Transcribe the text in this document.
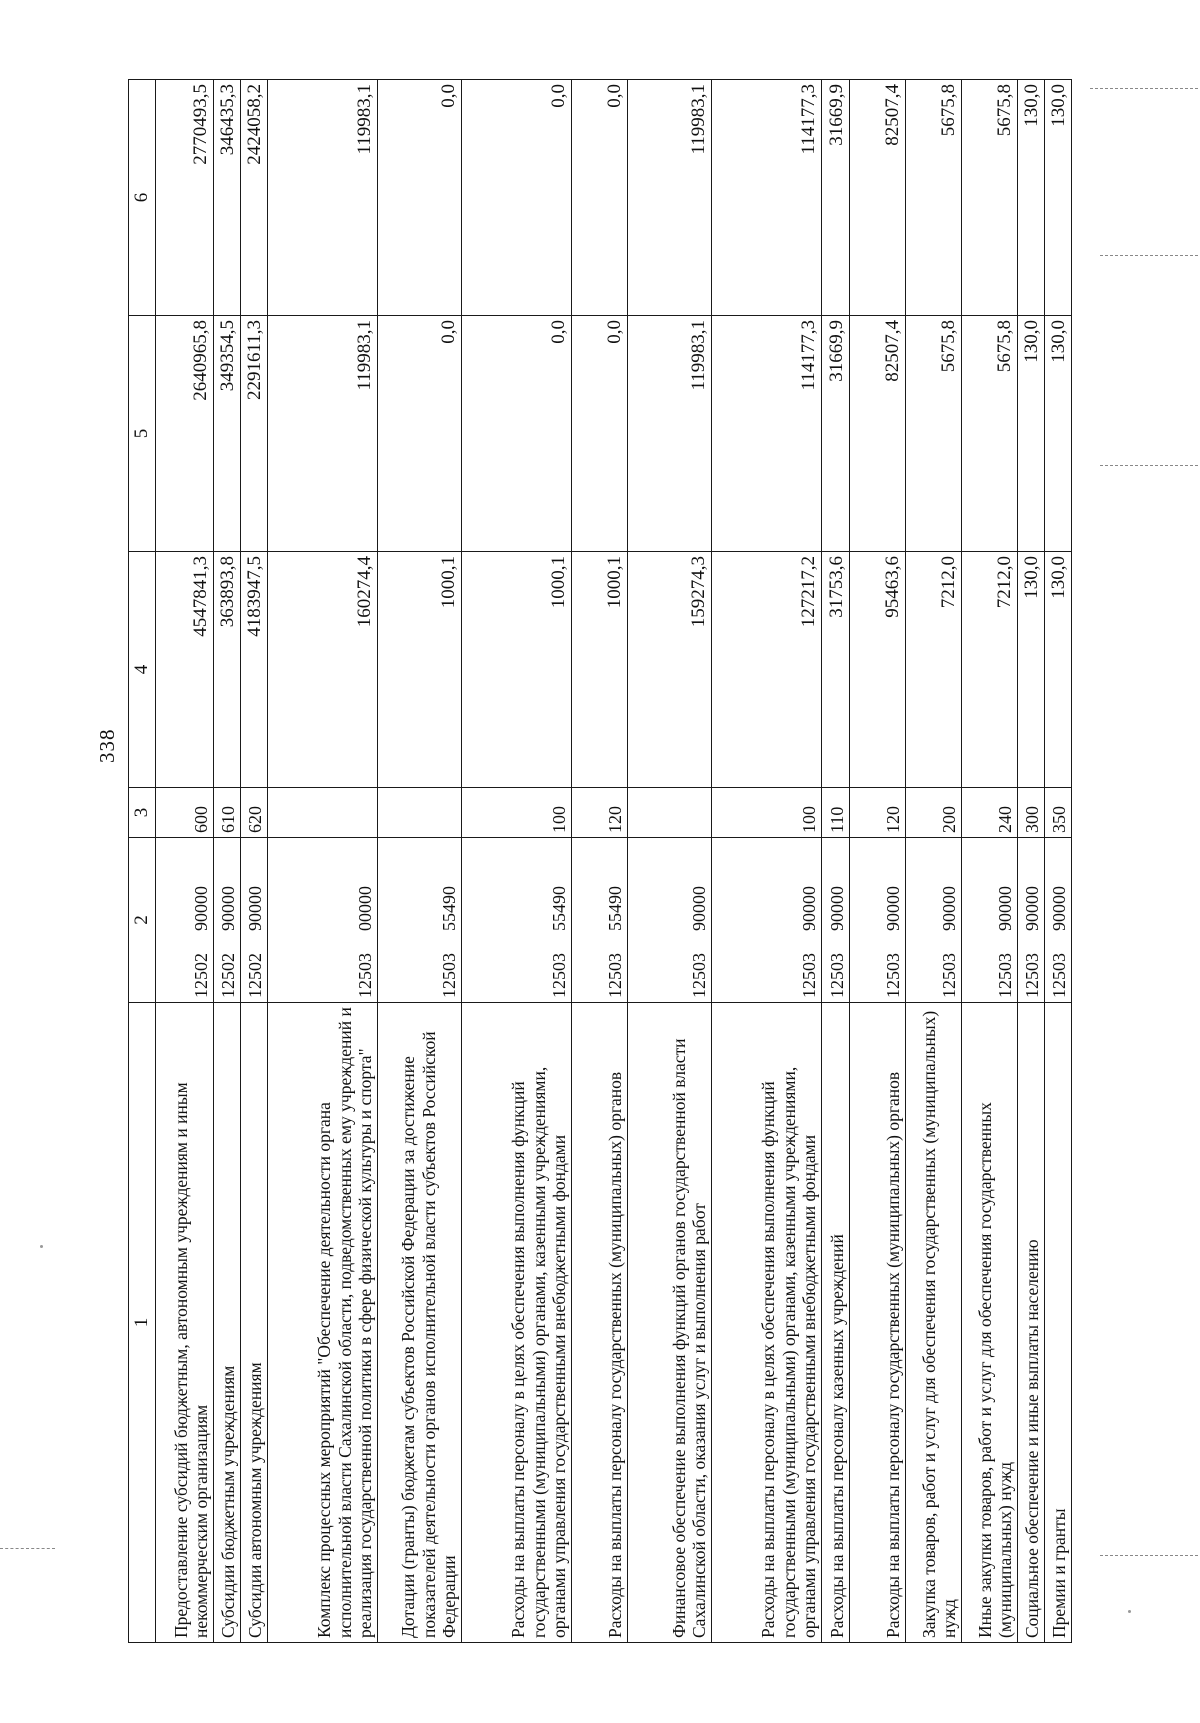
338
1	2	3	4	5	6
Предоставление субсидий бюджетным, автономным учреждениям и иным некоммерческим организациям	1250290000	600	4547841,3	2640965,8	2770493,5
Субсидии бюджетным учреждениям	1250290000	610	363893,8	349354,5	346435,3
Субсидии автономным учреждениям	1250290000	620	4183947,5	2291611,3	2424058,2
Комплекс процессных мероприятий "Обеспечение деятельности органа исполнительной власти Сахалинской области, подведомственных ему учреждений и реализация государственной политики в сфере физической культуры и спорта"	1250300000		160274,4	119983,1	119983,1
Дотации (гранты) бюджетам субъектов Российской Федерации за достижение показателей деятельности органов исполнительной власти субъектов Российской Федерации	1250355490		1000,1	0,0	0,0
Расходы на выплаты персоналу в целях обеспечения выполнения функций государственными (муниципальными) органами, казенными учреждениями, органами управления государственными внебюджетными фондами	1250355490	100	1000,1	0,0	0,0
Расходы на выплаты персоналу государственных (муниципальных) органов	1250355490	120	1000,1	0,0	0,0
Финансовое обеспечение выполнения функций органов государственной власти Сахалинской области, оказания услуг и выполнения работ	1250390000		159274,3	119983,1	119983,1
Расходы на выплаты персоналу в целях обеспечения выполнения функций государственными (муниципальными) органами, казенными учреждениями, органами управления государственными внебюджетными фондами	1250390000	100	127217,2	114177,3	114177,3
Расходы на выплаты персоналу казенных учреждений	1250390000	110	31753,6	31669,9	31669,9
Расходы на выплаты персоналу государственных (муниципальных) органов	1250390000	120	95463,6	82507,4	82507,4
Закупка товаров, работ и услуг для обеспечения государственных (муниципальных) нужд	1250390000	200	7212,0	5675,8	5675,8
Иные закупки товаров, работ и услуг для обеспечения государственных (муниципальных) нужд	1250390000	240	7212,0	5675,8	5675,8
Социальное обеспечение и иные выплаты населению	1250390000	300	130,0	130,0	130,0
Премии и гранты	1250390000	350	130,0	130,0	130,0
